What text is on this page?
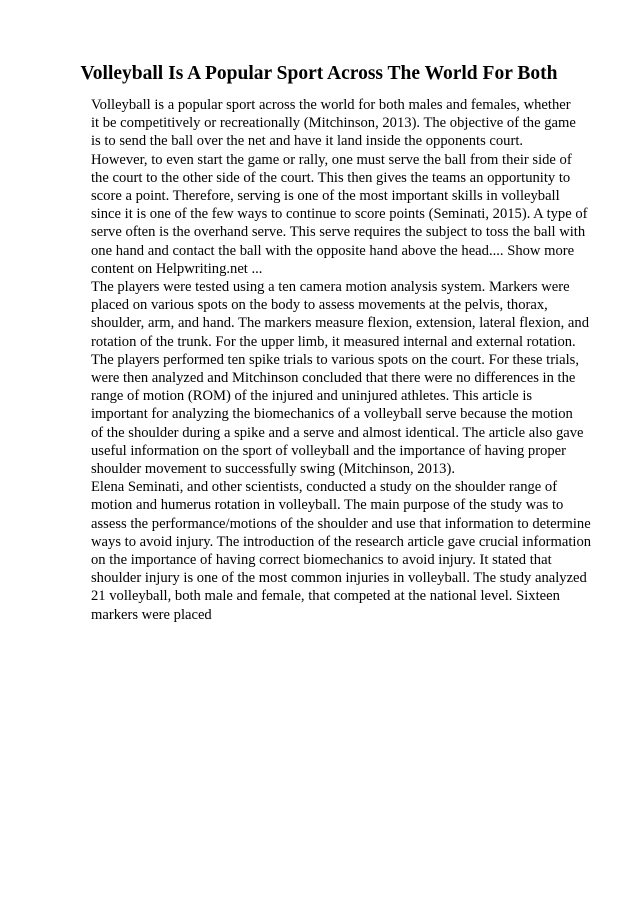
Volleyball Is A Popular Sport Across The World For Both
Volleyball is a popular sport across the world for both males and females, whether
it be competitively or recreationally (Mitchinson, 2013). The objective of the game
is to send the ball over the net and have it land inside the opponents court.
However, to even start the game or rally, one must serve the ball from their side of
the court to the other side of the court. This then gives the teams an opportunity to
score a point. Therefore, serving is one of the most important skills in volleyball
since it is one of the few ways to continue to score points (Seminati, 2015). A type of
serve often is the overhand serve. This serve requires the subject to toss the ball with
one hand and contact the ball with the opposite hand above the head.... Show more
content on Helpwriting.net ...
The players were tested using a ten camera motion analysis system. Markers were
placed on various spots on the body to assess movements at the pelvis, thorax,
shoulder, arm, and hand. The markers measure flexion, extension, lateral flexion, and
rotation of the trunk. For the upper limb, it measured internal and external rotation.
The players performed ten spike trials to various spots on the court. For these trials,
were then analyzed and Mitchinson concluded that there were no differences in the
range of motion (ROM) of the injured and uninjured athletes. This article is
important for analyzing the biomechanics of a volleyball serve because the motion
of the shoulder during a spike and a serve and almost identical. The article also gave
useful information on the sport of volleyball and the importance of having proper
shoulder movement to successfully swing (Mitchinson, 2013).
Elena Seminati, and other scientists, conducted a study on the shoulder range of
motion and humerus rotation in volleyball. The main purpose of the study was to
assess the performance/motions of the shoulder and use that information to determine
ways to avoid injury. The introduction of the research article gave crucial information
on the importance of having correct biomechanics to avoid injury. It stated that
shoulder injury is one of the most common injuries in volleyball. The study analyzed
21 volleyball, both male and female, that competed at the national level. Sixteen
markers were placed
